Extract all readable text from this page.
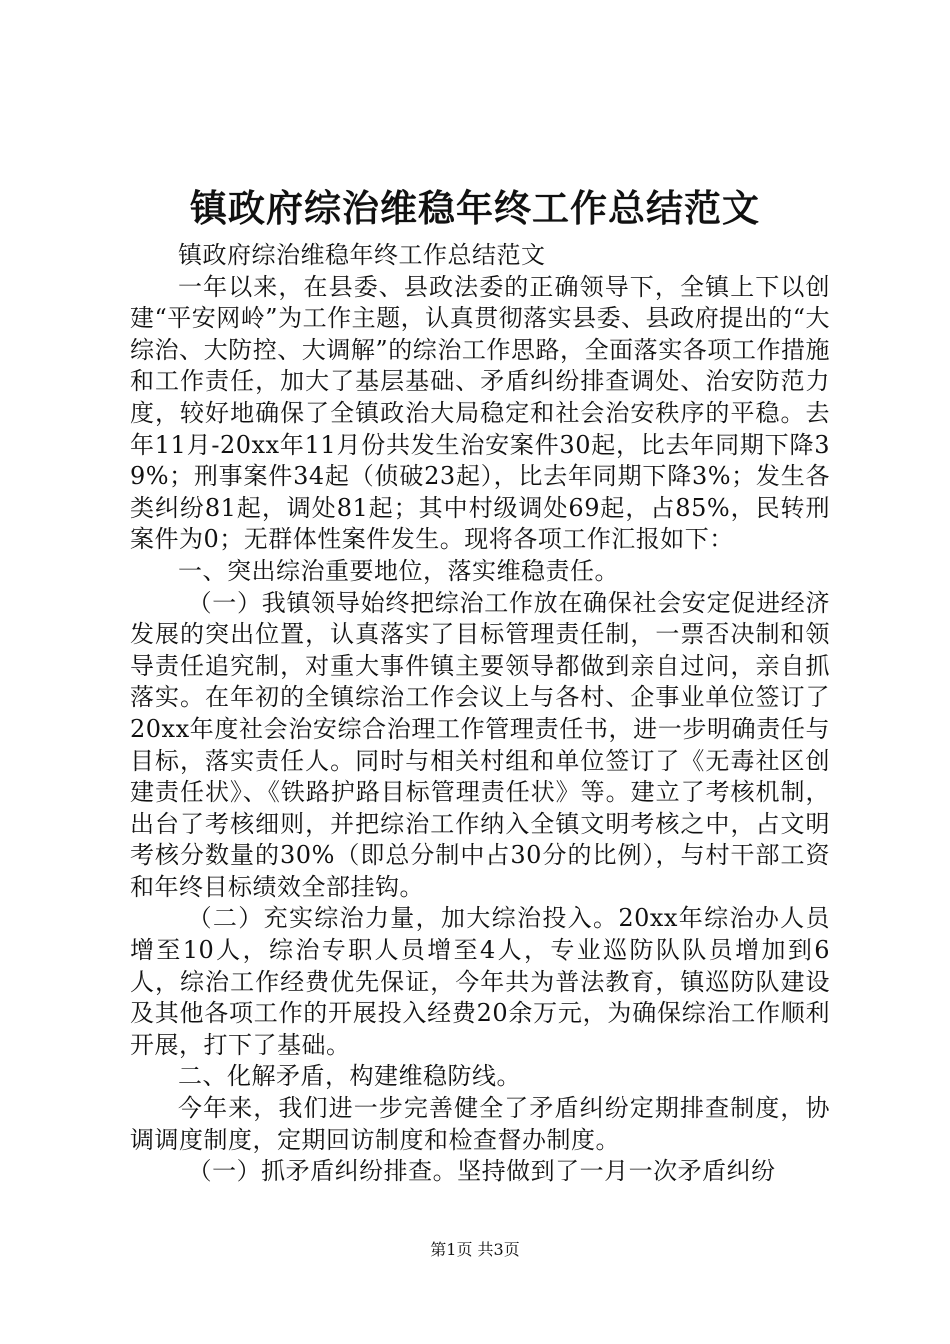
镇政府综治维稳年终工作总结范文

镇政府综治维稳年终工作总结范文

一年以来，在县委、县政法委的正确领导下，全镇上下以创建“平安网岭”为工作主题，认真贯彻落实县委、县政府提出的“大综治、大防控、大调解”的综治工作思路，全面落实各项工作措施和工作责任，加大了基层基础、矛盾纠纷排查调处、治安防范力度，较好地确保了全镇政治大局稳定和社会治安秩序的平稳。去年11月-20xx年11月份共发生治安案件30起，比去年同期下降39%；刑事案件34起（侦破23起），比去年同期下降3%；发生各类纠纷81起，调处81起；其中村级调处69起，占85%，民转刑案件为0；无群体性案件发生。现将各项工作汇报如下：

一、突出综治重要地位，落实维稳责任。

（一）我镇领导始终把综治工作放在确保社会安定促进经济发展的突出位置，认真落实了目标管理责任制，一票否决制和领导责任追究制，对重大事件镇主要领导都做到亲自过问，亲自抓落实。在年初的全镇综治工作会议上与各村、企事业单位签订了20xx年度社会治安综合治理工作管理责任书，进一步明确责任与目标，落实责任人。同时与相关村组和单位签订了《无毒社区创建责任状》、《铁路护路目标管理责任状》等。建立了考核机制，出台了考核细则，并把综治工作纳入全镇文明考核之中，占文明考核分数量的30%（即总分制中占30分的比例），与村干部工资和年终目标绩效全部挂钩。

（二）充实综治力量，加大综治投入。20xx年综治办人员增至10人，综治专职人员增至4人，专业巡防队队员增加到6人，综治工作经费优先保证，今年共为普法教育，镇巡防队建设及其他各项工作的开展投入经费20余万元，为确保综治工作顺利开展，打下了基础。

二、化解矛盾，构建维稳防线。

今年来，我们进一步完善健全了矛盾纠纷定期排查制度，协调调度制度，定期回访制度和检查督办制度。

（一）抓矛盾纠纷排查。坚持做到了一月一次矛盾纠纷

第1页 共3页
